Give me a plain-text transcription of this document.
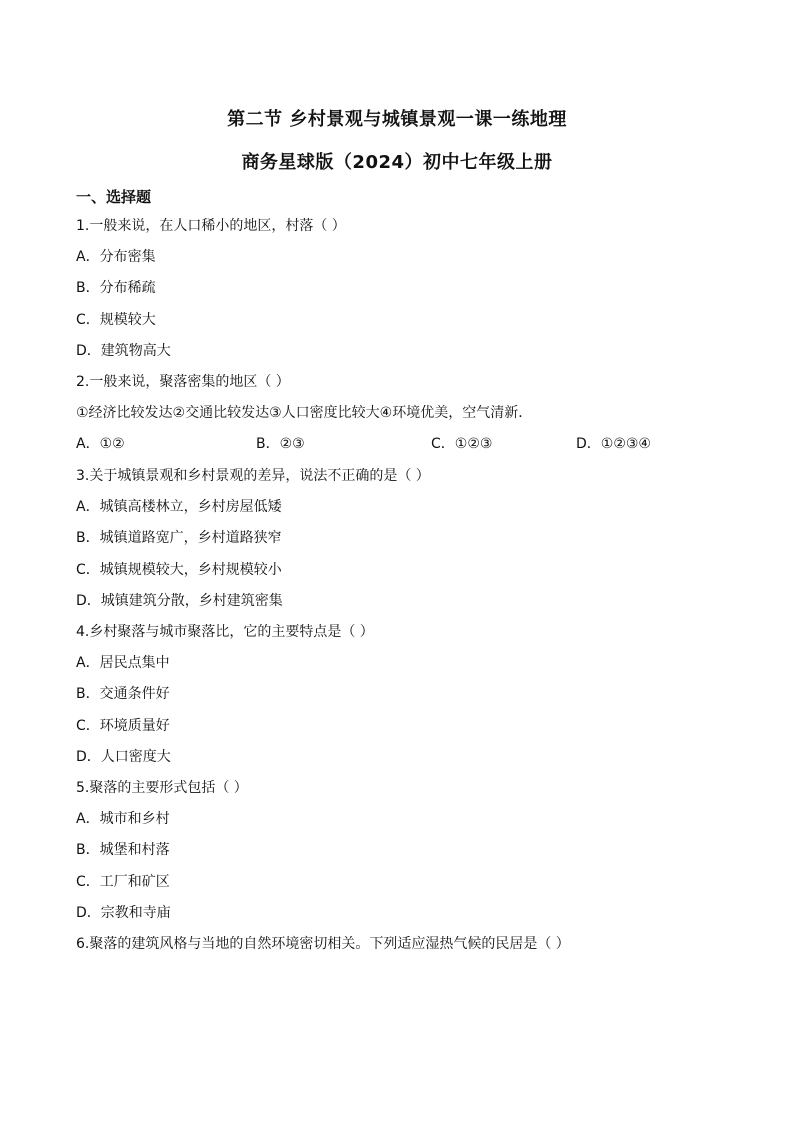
第二节 乡村景观与城镇景观一课一练地理
商务星球版（2024）初中七年级上册
一、选择题
1.一般来说，在人口稀小的地区，村落（ ）
A．分布密集
B．分布稀疏
C．规模较大
D．建筑物高大
2.一般来说，聚落密集的地区（ ）
①经济比较发达②交通比较发达③人口密度比较大④环境优美，空气清新．
A．①②	B．②③	C．①②③	D．①②③④
3.关于城镇景观和乡村景观的差异，说法不正确的是（ ）
A．城镇高楼林立，乡村房屋低矮
B．城镇道路宽广，乡村道路狭窄
C．城镇规模较大，乡村规模较小
D．城镇建筑分散，乡村建筑密集
4.乡村聚落与城市聚落比，它的主要特点是（ ）
A．居民点集中
B．交通条件好
C．环境质量好
D．人口密度大
5.聚落的主要形式包括（ ）
A．城市和乡村
B．城堡和村落
C．工厂和矿区
D．宗教和寺庙
6.聚落的建筑风格与当地的自然环境密切相关。下列适应湿热气候的民居是（ ）
